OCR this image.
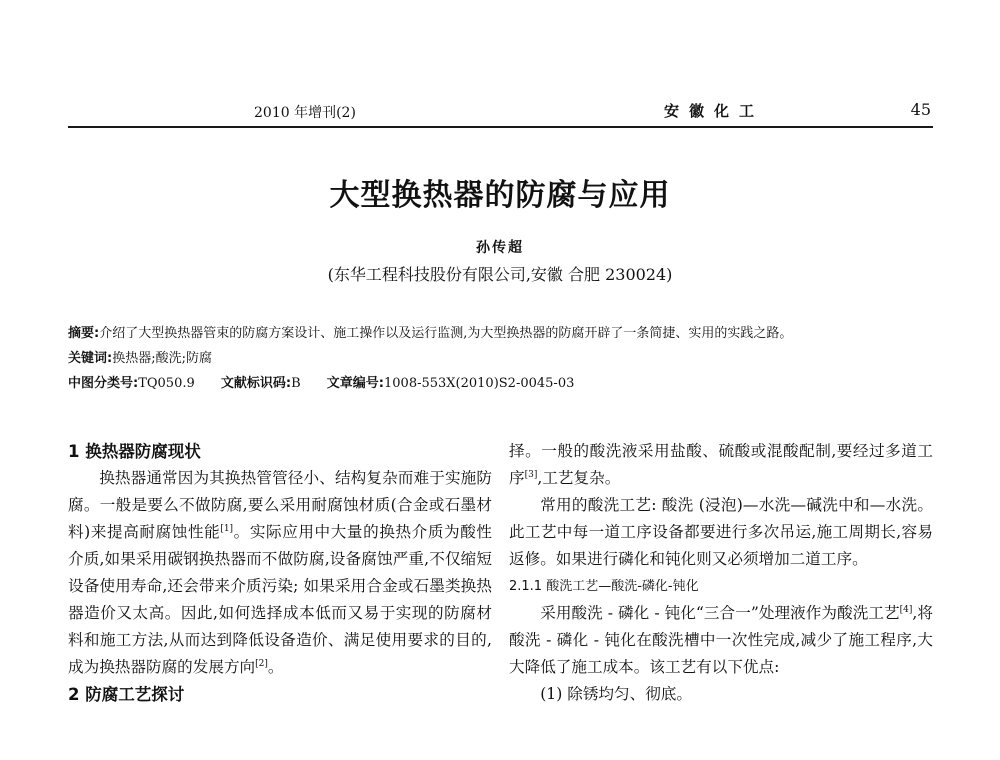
2010 年增刊(2)	安徽化工	45
大型换热器的防腐与应用
孙传超
(东华工程科技股份有限公司,安徽 合肥 230024)
摘要:介绍了大型换热器管束的防腐方案设计、施工操作以及运行监测,为大型换热器的防腐开辟了一条简捷、实用的实践之路。
关键词:换热器;酸洗;防腐
中图分类号:TQ050.9 文献标识码:B 文章编号:1008-553X(2010)S2-0045-03

1 换热器防腐现状

换热器通常因为其换热管管径小、结构复杂而难于实施防腐。一般是要么不做防腐,要么采用耐腐蚀材质(合金或石墨材料)来提高耐腐蚀性能[1]。实际应用中大量的换热介质为酸性介质,如果采用碳钢换热器而不做防腐,设备腐蚀严重,不仅缩短设备使用寿命,还会带来介质污染; 如果采用合金或石墨类换热器造价又太高。因此,如何选择成本低而又易于实现的防腐材料和施工方法,从而达到降低设备造价、满足使用要求的目的,成为换热器防腐的发展方向[2]。

2 防腐工艺探讨

择。一般的酸洗液采用盐酸、硫酸或混酸配制,要经过多道工序[3],工艺复杂。

常用的酸洗工艺: 酸洗 (浸泡)—水洗—碱洗中和—水洗。此工艺中每一道工序设备都要进行多次吊运,施工周期长,容易返修。如果进行磷化和钝化则又必须增加二道工序。

2.1.1 酸洗工艺—酸洗-磷化-钝化

采用酸洗 - 磷化 - 钝化“三合一”处理液作为酸洗工艺[4],将酸洗 - 磷化 - 钝化在酸洗槽中一次性完成,减少了施工程序,大大降低了施工成本。该工艺有以下优点:

(1) 除锈均匀、彻底。
